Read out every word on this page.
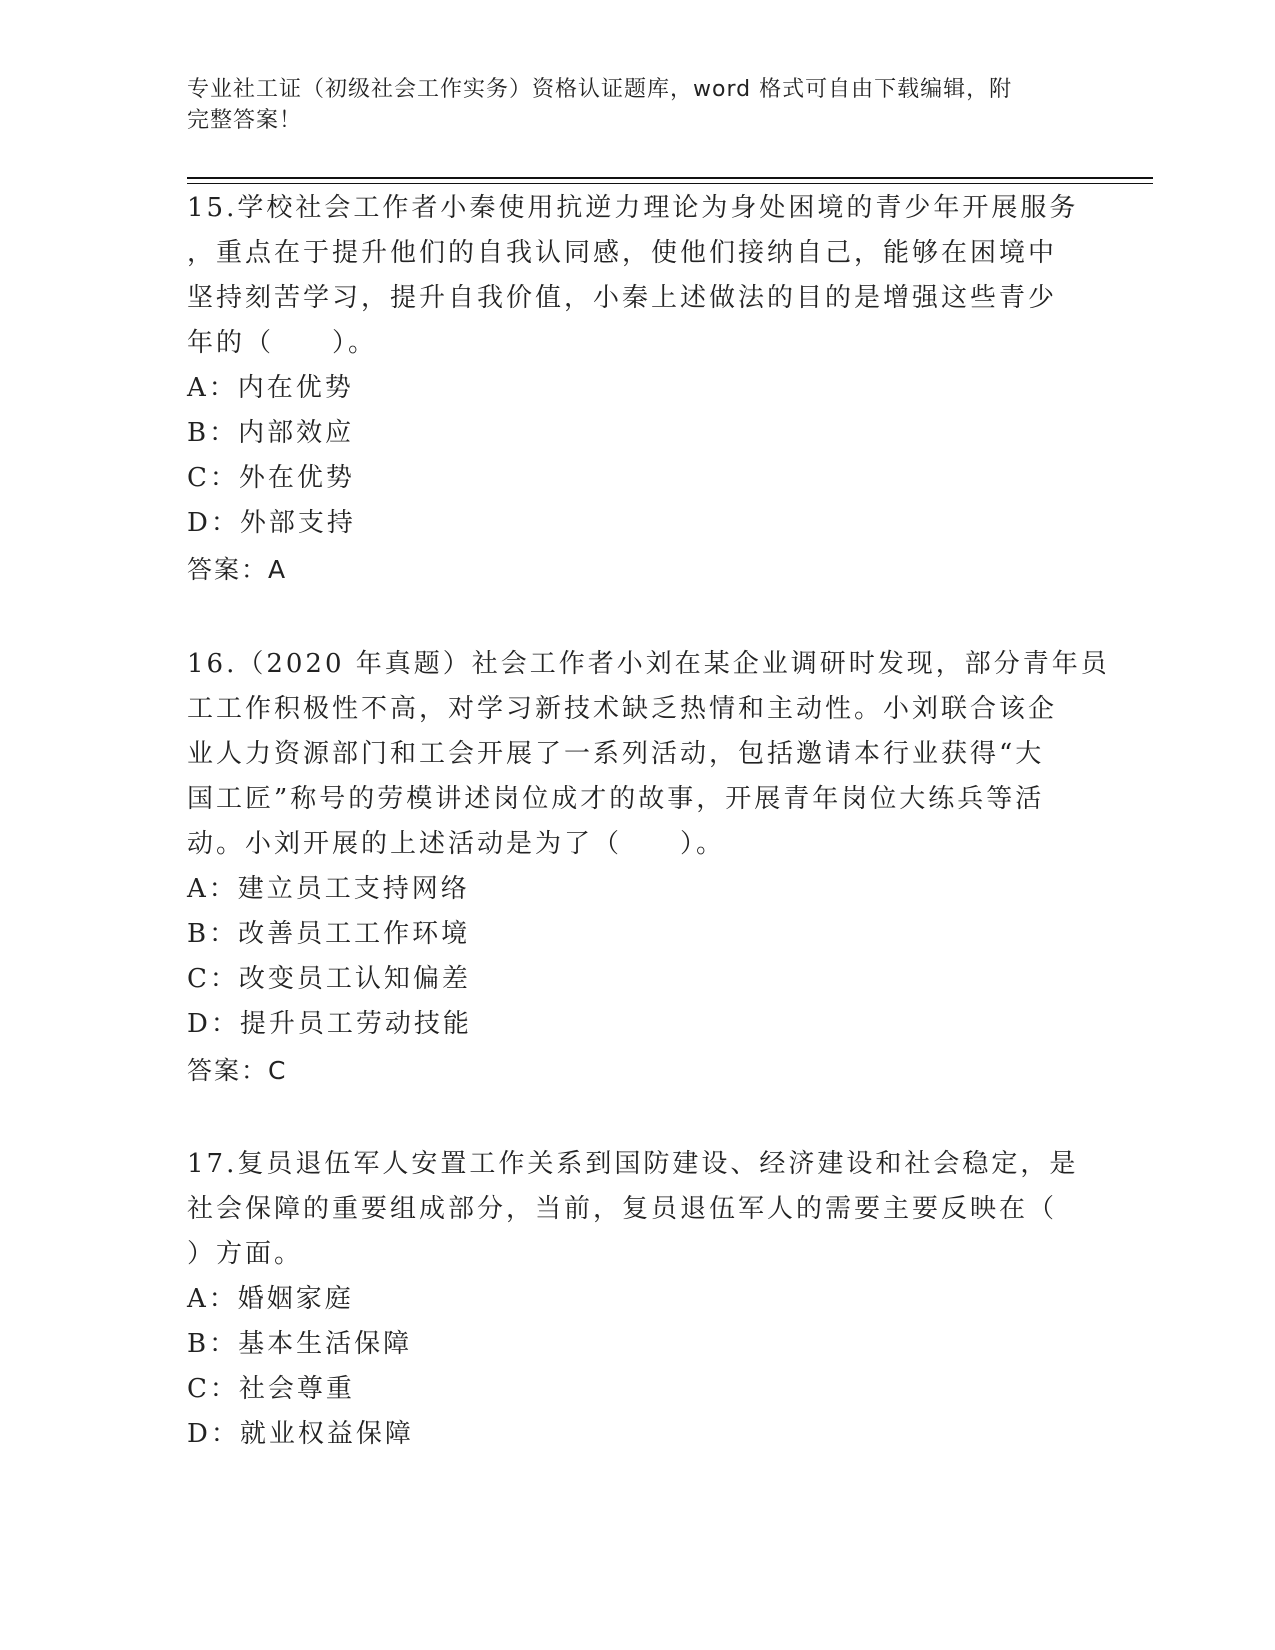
专业社工证（初级社会工作实务）资格认证题库，word 格式可自由下载编辑，附
完整答案！
15.学校社会工作者小秦使用抗逆力理论为身处困境的青少年开展服务
，重点在于提升他们的自我认同感，使他们接纳自己，能够在困境中
坚持刻苦学习，提升自我价值，小秦上述做法的目的是增强这些青少
年的（　　）。
A：内在优势
B：内部效应
C：外在优势
D：外部支持
答案：A
16.（2020 年真题）社会工作者小刘在某企业调研时发现，部分青年员
工工作积极性不高，对学习新技术缺乏热情和主动性。小刘联合该企
业人力资源部门和工会开展了一系列活动，包括邀请本行业获得“大
国工匠”称号的劳模讲述岗位成才的故事，开展青年岗位大练兵等活
动。小刘开展的上述活动是为了（　　）。
A：建立员工支持网络
B：改善员工工作环境
C：改变员工认知偏差
D：提升员工劳动技能
答案：C
17.复员退伍军人安置工作关系到国防建设、经济建设和社会稳定，是
社会保障的重要组成部分，当前，复员退伍军人的需要主要反映在（
）方面。
A：婚姻家庭
B：基本生活保障
C：社会尊重
D：就业权益保障
